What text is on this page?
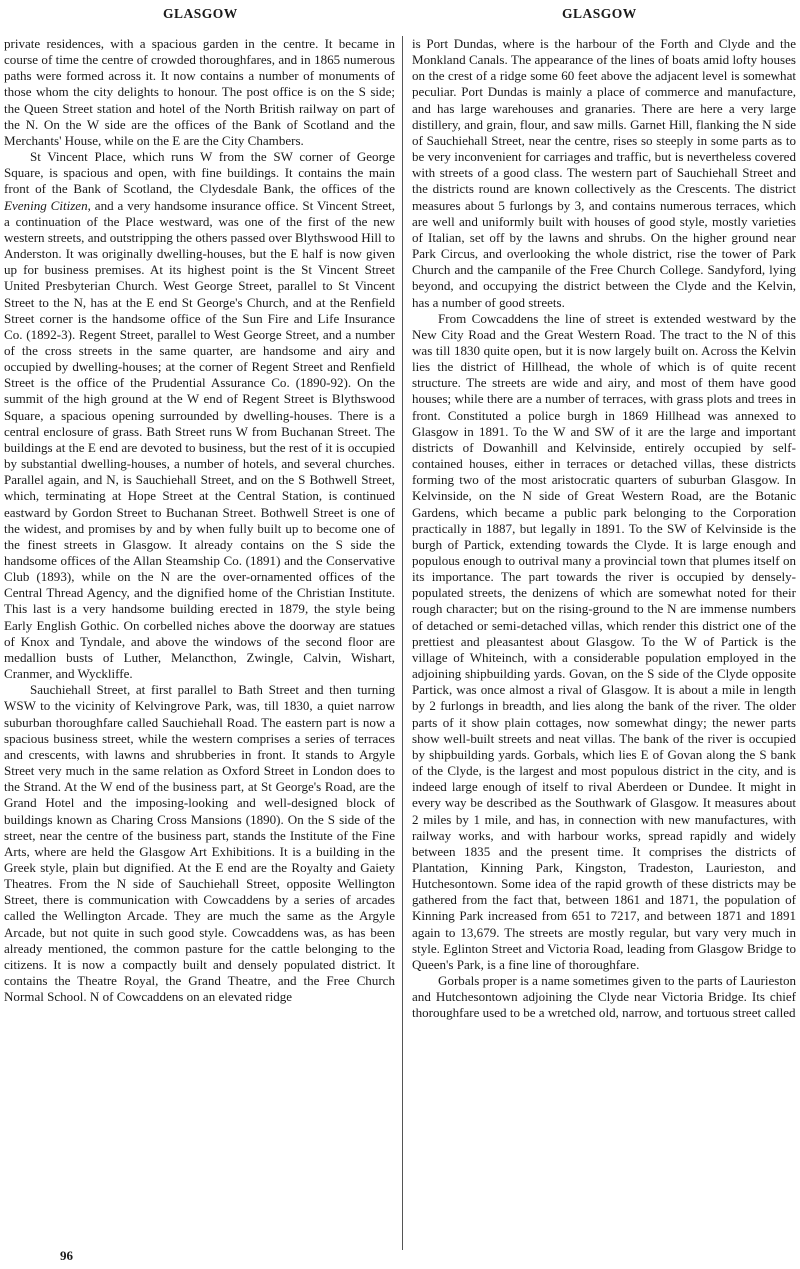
GLASGOW	GLASGOW

private residences, with a spacious garden in the centre. It became in course of time the centre of crowded thoroughfares, and in 1865 numerous paths were formed across it. It now contains a number of monuments of those whom the city delights to honour. The post office is on the S side; the Queen Street station and hotel of the North British railway on part of the N. On the W side are the offices of the Bank of Scotland and the Merchants' House, while on the E are the City Chambers.

St Vincent Place, which runs W from the SW corner of George Square, is spacious and open, with fine buildings. It contains the main front of the Bank of Scotland, the Clydesdale Bank, the offices of the Evening Citizen, and a very handsome insurance office. St Vincent Street, a continuation of the Place westward, was one of the first of the new western streets, and outstripping the others passed over Blythswood Hill to Anderston. It was originally dwelling-houses, but the E half is now given up for business premises. At its highest point is the St Vincent Street United Presbyterian Church. West George Street, parallel to St Vincent Street to the N, has at the E end St George's Church, and at the Renfield Street corner is the handsome office of the Sun Fire and Life Insurance Co. (1892-3). Regent Street, parallel to West George Street, and a number of the cross streets in the same quarter, are handsome and airy and occupied by dwelling-houses; at the corner of Regent Street and Renfield Street is the office of the Prudential Assurance Co. (1890-92). On the summit of the high ground at the W end of Regent Street is Blythswood Square, a spacious opening surrounded by dwelling-houses. There is a central enclosure of grass. Bath Street runs W from Buchanan Street. The buildings at the E end are devoted to business, but the rest of it is occupied by substantial dwelling-houses, a number of hotels, and several churches. Parallel again, and N, is Sauchiehall Street, and on the S Bothwell Street, which, terminating at Hope Street at the Central Station, is continued eastward by Gordon Street to Buchanan Street. Bothwell Street is one of the widest, and promises by and by when fully built up to become one of the finest streets in Glasgow. It already contains on the S side the handsome offices of the Allan Steamship Co. (1891) and the Conservative Club (1893), while on the N are the over-ornamented offices of the Central Thread Agency, and the dignified home of the Christian Institute. This last is a very handsome building erected in 1879, the style being Early English Gothic. On corbelled niches above the doorway are statues of Knox and Tyndale, and above the windows of the second floor are medallion busts of Luther, Melancthon, Zwingle, Calvin, Wishart, Cranmer, and Wyckliffe.

Sauchiehall Street, at first parallel to Bath Street and then turning WSW to the vicinity of Kelvingrove Park, was, till 1830, a quiet narrow suburban thoroughfare called Sauchiehall Road. The eastern part is now a spacious business street, while the western comprises a series of terraces and crescents, with lawns and shrubberies in front. It stands to Argyle Street very much in the same relation as Oxford Street in London does to the Strand. At the W end of the business part, at St George's Road, are the Grand Hotel and the imposing-looking and well-designed block of buildings known as Charing Cross Mansions (1890). On the S side of the street, near the centre of the business part, stands the Institute of the Fine Arts, where are held the Glasgow Art Exhibitions. It is a building in the Greek style, plain but dignified. At the E end are the Royalty and Gaiety Theatres. From the N side of Sauchiehall Street, opposite Wellington Street, there is communication with Cowcaddens by a series of arcades called the Wellington Arcade. They are much the same as the Argyle Arcade, but not quite in such good style. Cowcaddens was, as has been already mentioned, the common pasture for the cattle belonging to the citizens. It is now a compactly built and densely populated district. It contains the Theatre Royal, the Grand Theatre, and the Free Church Normal School. N of Cowcaddens on an elevated ridge

is Port Dundas, where is the harbour of the Forth and Clyde and the Monkland Canals. The appearance of the lines of boats amid lofty houses on the crest of a ridge some 60 feet above the adjacent level is somewhat peculiar. Port Dundas is mainly a place of commerce and manufacture, and has large warehouses and granaries. There are here a very large distillery, and grain, flour, and saw mills. Garnet Hill, flanking the N side of Sauchiehall Street, near the centre, rises so steeply in some parts as to be very inconvenient for carriages and traffic, but is nevertheless covered with streets of a good class. The western part of Sauchiehall Street and the districts round are known collectively as the Crescents. The district measures about 5 furlongs by 3, and contains numerous terraces, which are well and uniformly built with houses of good style, mostly varieties of Italian, set off by the lawns and shrubs. On the higher ground near Park Circus, and overlooking the whole district, rise the tower of Park Church and the campanile of the Free Church College. Sandyford, lying beyond, and occupying the district between the Clyde and the Kelvin, has a number of good streets.

From Cowcaddens the line of street is extended westward by the New City Road and the Great Western Road. The tract to the N of this was till 1830 quite open, but it is now largely built on. Across the Kelvin lies the district of Hillhead, the whole of which is of quite recent structure. The streets are wide and airy, and most of them have good houses; while there are a number of terraces, with grass plots and trees in front. Constituted a police burgh in 1869 Hillhead was annexed to Glasgow in 1891. To the W and SW of it are the large and important districts of Dowanhill and Kelvinside, entirely occupied by self-contained houses, either in terraces or detached villas, these districts forming two of the most aristocratic quarters of suburban Glasgow. In Kelvinside, on the N side of Great Western Road, are the Botanic Gardens, which became a public park belonging to the Corporation practically in 1887, but legally in 1891. To the SW of Kelvinside is the burgh of Partick, extending towards the Clyde. It is large enough and populous enough to outrival many a provincial town that plumes itself on its importance. The part towards the river is occupied by densely-populated streets, the denizens of which are somewhat noted for their rough character; but on the rising-ground to the N are immense numbers of detached or semi-detached villas, which render this district one of the prettiest and pleasantest about Glasgow. To the W of Partick is the village of Whiteinch, with a considerable population employed in the adjoining shipbuilding yards. Govan, on the S side of the Clyde opposite Partick, was once almost a rival of Glasgow. It is about a mile in length by 2 furlongs in breadth, and lies along the bank of the river. The older parts of it show plain cottages, now somewhat dingy; the newer parts show well-built streets and neat villas. The bank of the river is occupied by shipbuilding yards. Gorbals, which lies E of Govan along the S bank of the Clyde, is the largest and most populous district in the city, and is indeed large enough of itself to rival Aberdeen or Dundee. It might in every way be described as the Southwark of Glasgow. It measures about 2 miles by 1 mile, and has, in connection with new manufactures, with railway works, and with harbour works, spread rapidly and widely between 1835 and the present time. It comprises the districts of Plantation, Kinning Park, Kingston, Tradeston, Laurieston, and Hutchesontown. Some idea of the rapid growth of these districts may be gathered from the fact that, between 1861 and 1871, the population of Kinning Park increased from 651 to 7217, and between 1871 and 1891 again to 13,679. The streets are mostly regular, but vary very much in style. Eglinton Street and Victoria Road, leading from Glasgow Bridge to Queen's Park, is a fine line of thoroughfare.

Gorbals proper is a name sometimes given to the parts of Laurieston and Hutchesontown adjoining the Clyde near Victoria Bridge. Its chief thoroughfare used to be a wretched old, narrow, and tortuous street called

96
